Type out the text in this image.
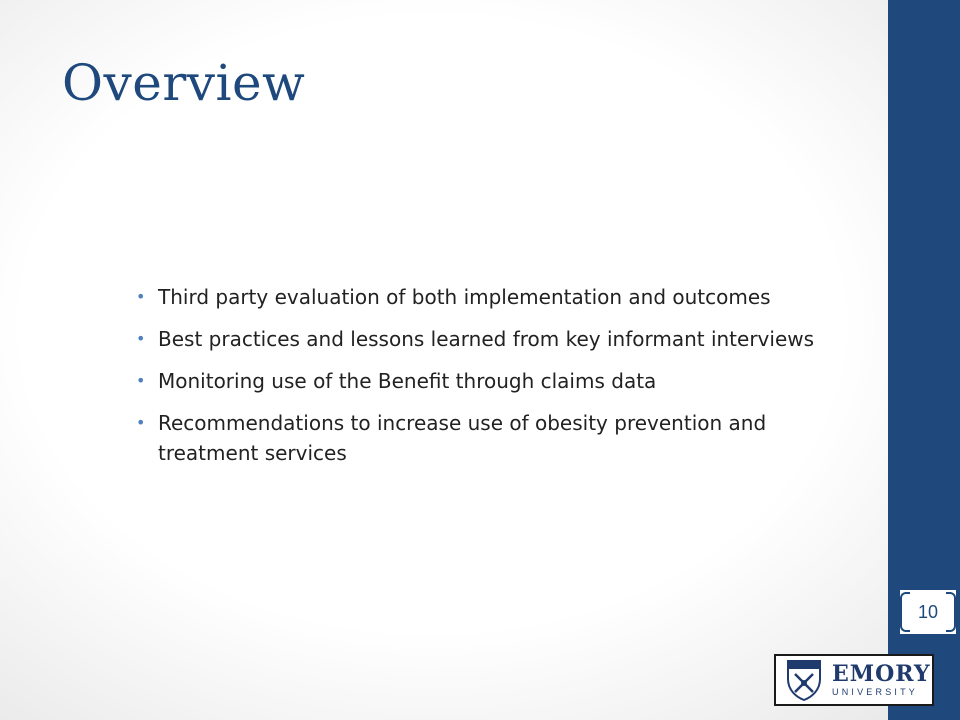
Overview
• Third party evaluation of both implementation and outcomes
• Best practices and lessons learned from key informant interviews
• Monitoring use of the Benefit through claims data
• Recommendations to increase use of obesity prevention and treatment services
10
EMORY
UNIVERSITY
